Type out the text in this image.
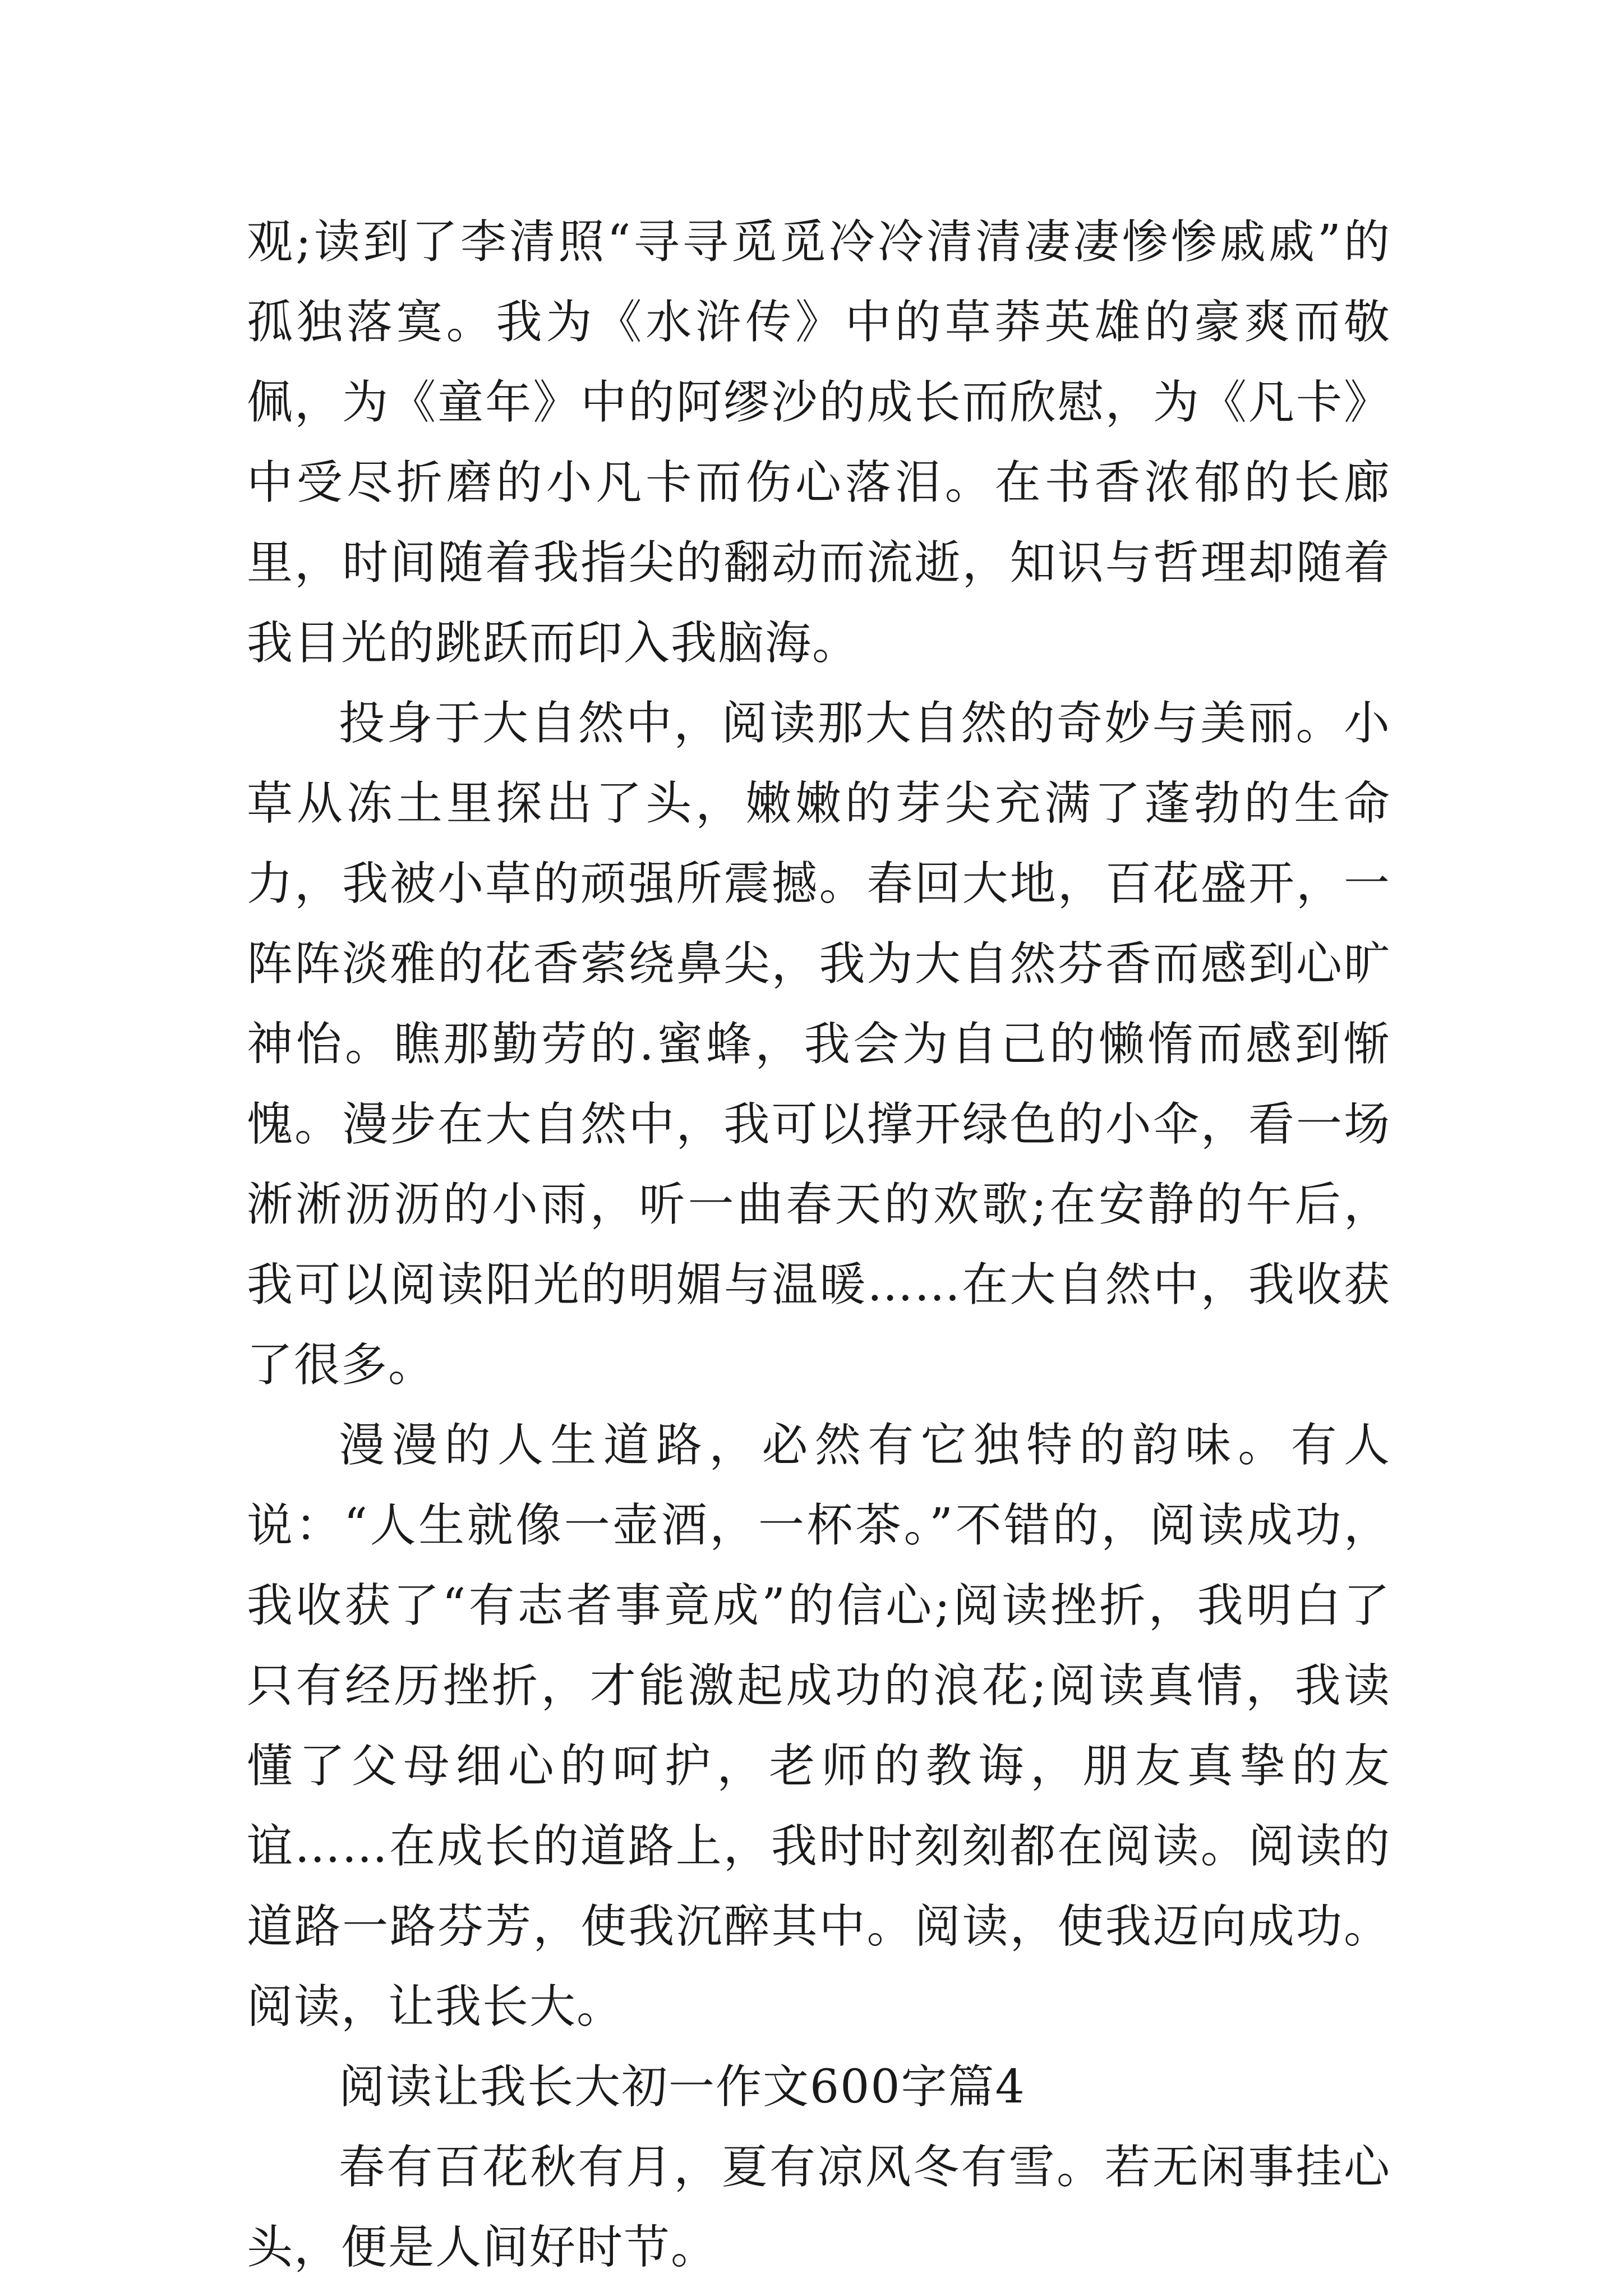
观;读到了李清照“寻寻觅觅冷冷清清凄凄惨惨戚戚”的孤独落寞。我为《水浒传》中的草莽英雄的豪爽而敬佩，为《童年》中的阿缪沙的成长而欣慰，为《凡卡》中受尽折磨的小凡卡而伤心落泪。在书香浓郁的长廊里，时间随着我指尖的翻动而流逝，知识与哲理却随着我目光的跳跃而印入我脑海。

投身于大自然中，阅读那大自然的奇妙与美丽。小草从冻土里探出了头，嫩嫩的芽尖充满了蓬勃的生命力，我被小草的顽强所震撼。春回大地，百花盛开，一阵阵淡雅的花香萦绕鼻尖，我为大自然芬香而感到心旷神怡。瞧那勤劳的.蜜蜂，我会为自己的懒惰而感到惭愧。漫步在大自然中，我可以撑开绿色的小伞，看一场淅淅沥沥的小雨，听一曲春天的欢歌;在安静的午后，我可以阅读阳光的明媚与温暖……在大自然中，我收获了很多。

漫漫的人生道路，必然有它独特的韵味。有人说：“人生就像一壶酒，一杯茶。”不错的，阅读成功，我收获了“有志者事竟成”的信心;阅读挫折，我明白了只有经历挫折，才能激起成功的浪花;阅读真情，我读懂了父母细心的呵护，老师的教诲，朋友真挚的友谊……在成长的道路上，我时时刻刻都在阅读。阅读的道路一路芬芳，使我沉醉其中。阅读，使我迈向成功。阅读，让我长大。

阅读让我长大初一作文600字篇4

春有百花秋有月，夏有凉风冬有雪。若无闲事挂心头，便是人间好时节。
